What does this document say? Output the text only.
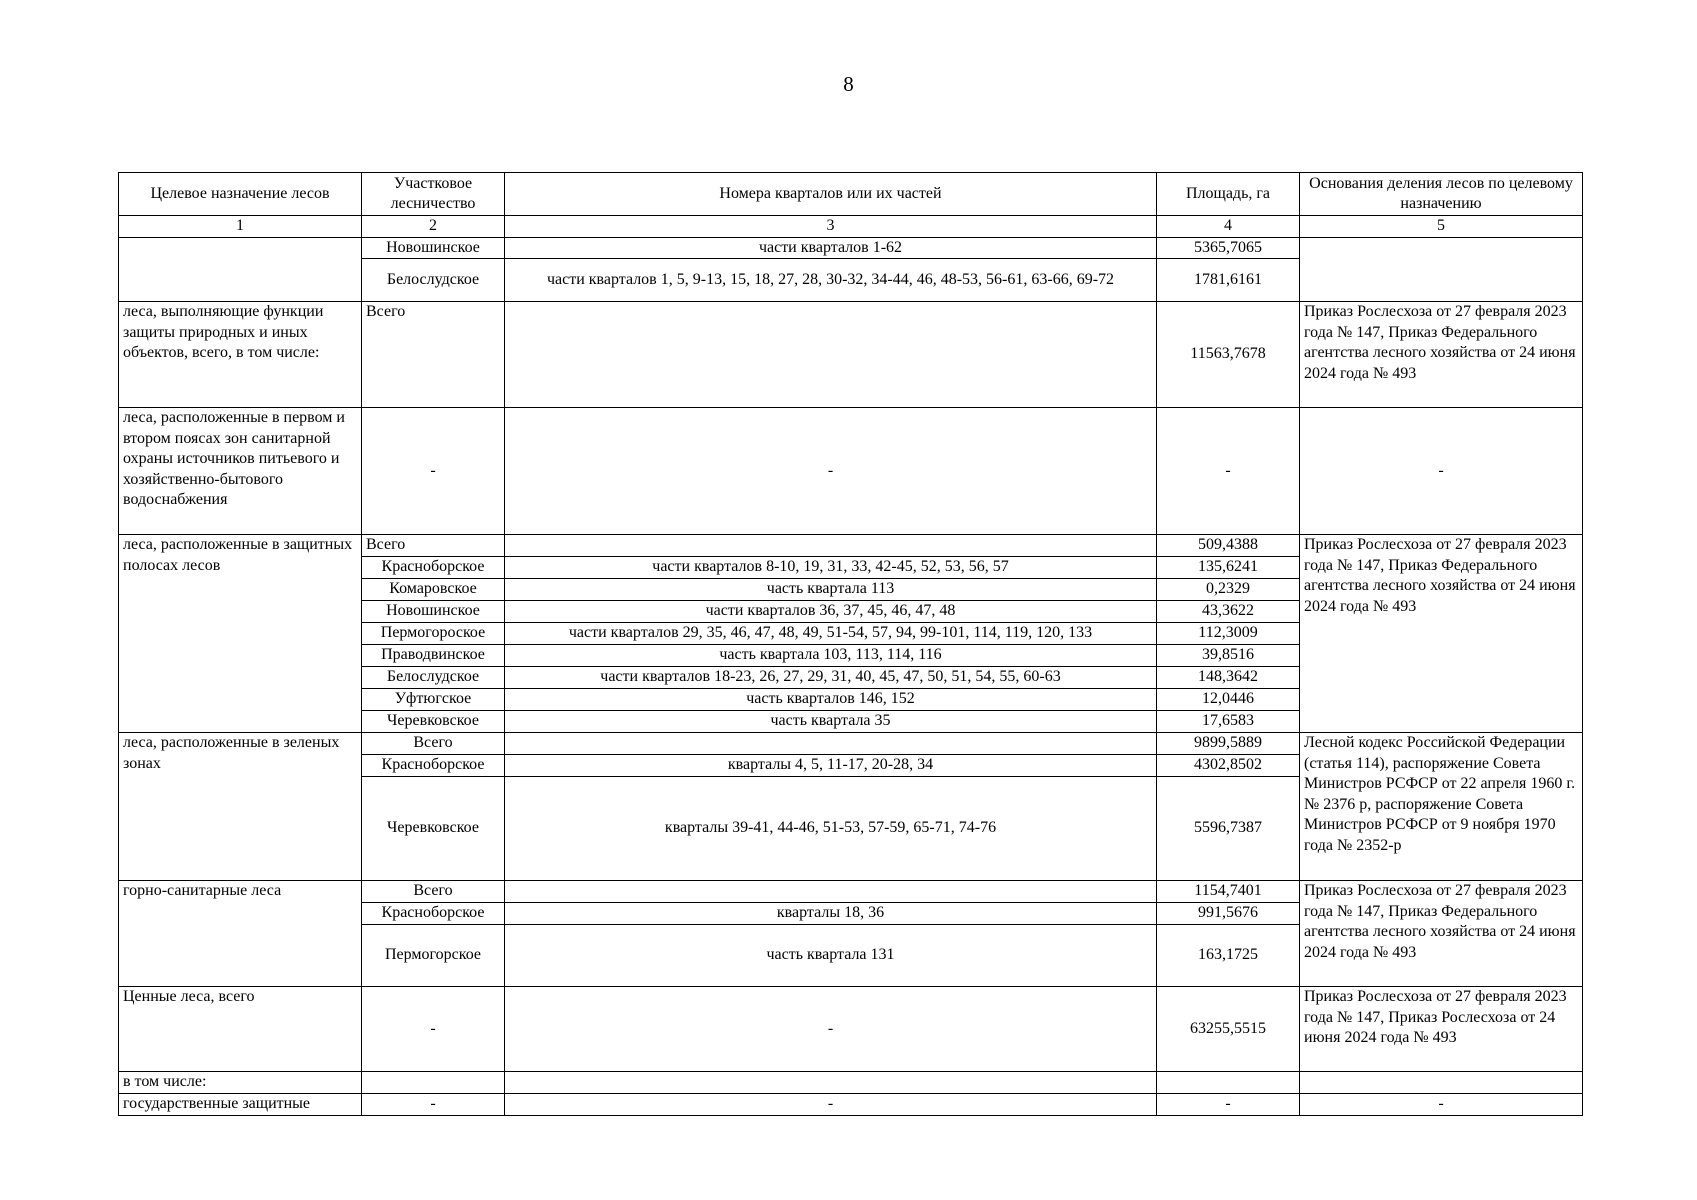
8
Целевое назначение лесов	Участковое лесничество	Номера кварталов или их частей	Площадь, га	Основания деления лесов по целевому назначению
1	2	3	4	5
	Новошинское	части кварталов 1-62	5365,7065	
	Белослудское	части кварталов 1, 5, 9-13, 15, 18, 27, 28, 30-32, 34-44, 46, 48-53, 56-61, 63-66, 69-72	1781,6161	
леса, выполняющие функции защиты природных и иных объектов, всего, в том числе:	Всего		11563,7678	Приказ Рослесхоза от 27 февраля 2023 года № 147, Приказ Федерального агентства лесного хозяйства от 24 июня 2024 года № 493
леса, расположенные в первом и втором поясах зон санитарной охраны источников питьевого и хозяйственно-бытового водоснабжения	-	-	-	-
леса, расположенные в защитных полосах лесов	Всего		509,4388	Приказ Рослесхоза от 27 февраля 2023 года № 147, Приказ Федерального агентства лесного хозяйства от 24 июня 2024 года № 493
	Красноборское	части кварталов 8-10, 19, 31, 33, 42-45, 52, 53, 56, 57	135,6241	
	Комаровское	часть квартала 113	0,2329	
	Новошинское	части кварталов 36, 37, 45, 46, 47, 48	43,3622	
	Пермогороское	части кварталов 29, 35, 46, 47, 48, 49, 51-54, 57, 94, 99-101, 114, 119, 120, 133	112,3009	
	Праводвинское	часть квартала 103, 113, 114, 116	39,8516	
	Белослудское	части кварталов 18-23, 26, 27, 29, 31, 40, 45, 47, 50, 51, 54, 55, 60-63	148,3642	
	Уфтюгское	часть кварталов 146, 152	12,0446	
	Черевковское	часть квартала 35	17,6583	
леса, расположенные в зеленых зонах	Всего		9899,5889	Лесной кодекс Российской Федерации (статья 114), распоряжение Совета Министров РСФСР от 22 апреля 1960 г. № 2376 р, распоряжение Совета Министров РСФСР от 9 ноября 1970 года № 2352-р
	Красноборское	кварталы 4, 5, 11-17, 20-28, 34	4302,8502	
	Черевковское	кварталы 39-41, 44-46, 51-53, 57-59, 65-71, 74-76	5596,7387	
горно-санитарные леса	Всего		1154,7401	Приказ Рослесхоза от 27 февраля 2023 года № 147, Приказ Федерального агентства лесного хозяйства от 24 июня 2024 года № 493
	Красноборское	кварталы 18, 36	991,5676	
	Пермогорское	часть квартала 131	163,1725	
Ценные леса, всего	-	-	63255,5515	Приказ Рослесхоза от 27 февраля 2023 года № 147, Приказ Рослесхоза от 24 июня 2024 года № 493
в том числе:				
государственные защитные	-	-	-	-
